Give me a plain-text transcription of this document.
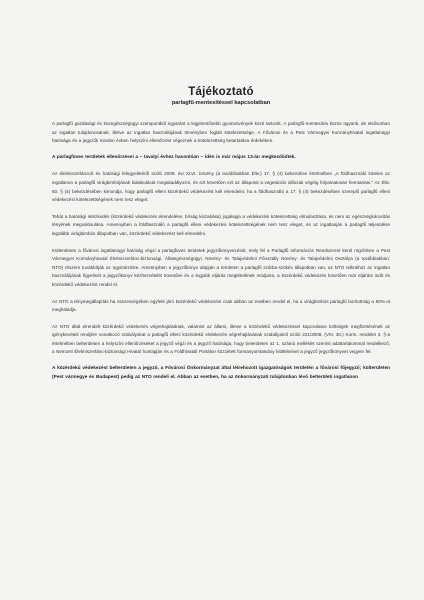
Tájékoztató

parlagfű-mentesítéssel kapcsolatban

A parlagfű gazdasági és közegészségügyi szempontból egyaránt a legjelentősebb gyomnövények közé tartozik. A parlagfű-mentesítés közös ügyünk, de elsősorban az ingatlan tulajdonosának, illetve az ingatlan használójának törvényben foglalt kötelezettsége. A Fővárosi és a Pest Vármegyei Kormányhivatal ingatlanügyi hatósága és a jegyzők minden évben helyszíni ellenőrzést végeznek a kötelezettség betartatása érdekében.

A parlagfüves területek ellenőrzései a – tavalyi évhez hasonlóan – idén is már május 13-án megkezdődtek.

Az élelmiszerláncról és hatósági felügyeletéről szóló 2008. évi XLVI. törvény (a továbbiakban Éltv.) 17. § (4) bekezdése értelmében „A földhasználó köteles az ingatlanon a parlagfű virágbimbójának kialakulását megakadályozni, és ezt követően ezt az állapotot a vegetációs időszak végéig folyamatosan fenntartani.” Az Éltv. 60. § (4) bekezdésében kimondja, hogy parlagfű elleni közérdekű védekezést kell elrendelni, ha a földhasználó a 17. § (4) bekezdésében szereplő parlagfű elleni védekezési kötelezettségének nem tesz eleget.

Tehát a hatósági intézkedés (közérdekű védekezés elrendelése, bírság kiszabása) jogalapja a védekezési kötelezettség elmulasztása, és nem az egészségkárosítás tényének megvalósulása. Amennyiben a földhasználó a parlagfű elleni védekezési kötelezettségének nem tesz eleget, és az ingatlanján a parlagfű teljesülése legalább virágbimbós állapotban van, közérdekű védekezést kell elrendelni.

Külterületen a fővárosi ingatlanügyi hatóság végzi a parlagfüves területek jegyzőkönyvezését, mely fel a Parlagfű Információs Rendszerrel kerül rögzítésre a Pest Vármegyei Kormányhivatal Élelmiszerlánc-biztonsági, Állategészségügyi, Növény- és Talajvédelmi Főosztály Növény- és Talajvédelmi Osztálya (a továbbiakban: NTO) részére továbbítják az ügyintézésre. Amennyiben a jegyzőkönyv alapján a területen a parlagfű szárba-szökés állapotban van, az NTO telkükhöz az ingatlan használójának figyelmét a jegyzőkönyv kézhezvételét követően és a legjobb eljárás megtételének módjaira, a közérdekű védekezés követően már eljárást indít és közérdekű védekezést rendel el.

Az NTO a ténymegállapítás ha összességében egyfelé járó közérdekű védekezést csak abban az esetben rendel el, ha a virágbimbós parlagfű borítottság a 50%-ot meghaladja.

Az NTO által elrendelt közérdekű védekezés végrehajtásának, valamint az állami, illetve a közérdekű védekezéssel kapcsolatos költségek megfizetésének az igénybevételi rendjére vonatkozó szabályokat a parlagfű elleni közérdekű védekezés végrehajtásának szabályairól szóló 221/2008. (VIII. 30.) Korm. rendelet 3. §-a értelmében belterületen a helyszíni ellenőrzéseket a jegyző végzi és a jegyző hatósága, hogy beterületen az 1. számú melléklet szerinti adattartalommal rendelkező, a Nemzeti Élelmiszerlánc-biztonsági Hivatal honlapján és a Földhivatali Portálon közzétett formanyomtatvány kitöltésével a jegyző jegyzőkönyvet vegyen fel.

A közérdekű védekezést belterületen a jegyző, a Fővárosi Önkormányzat által létrehozott igazgatóságok területén a fővárosi főjegyző; külterületen (Pest vármegye és Budapest) pedig az NTO rendeli el. Abban az esetben, ha az önkormányzati tulajdonban lévő belterületi ingatlanon
